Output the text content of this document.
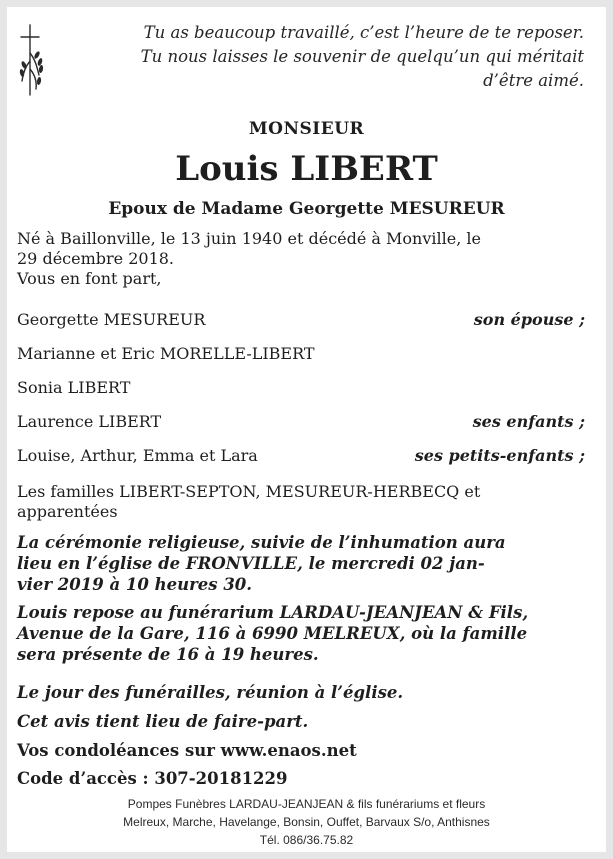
Tu as beaucoup travaillé, c’est l’heure de te reposer.
Tu nous laisses le souvenir de quelqu’un qui méritait
d’être aimé.
MONSIEUR
Louis LIBERT
Epoux de Madame Georgette MESUREUR
Né à Baillonville, le 13 juin 1940 et décédé à Monville, le
29 décembre 2018.
Vous en font part,
Georgette MESUREUR	son épouse ;
Marianne et Eric MORELLE-LIBERT
Sonia LIBERT
Laurence LIBERT	ses enfants ;
Louise, Arthur, Emma et Lara	ses petits-enfants ;
Les familles LIBERT-SEPTON, MESUREUR-HERBECQ et
apparentées
La cérémonie religieuse, suivie de l’inhumation aura
lieu en l’église de FRONVILLE, le mercredi 02 jan-
vier 2019 à 10 heures 30.
Louis repose au funérarium LARDAU-JEANJEAN & Fils,
Avenue de la Gare, 116 à 6990 MELREUX, où la famille
sera présente de 16 à 19 heures.
Le jour des funérailles, réunion à l’église.
Cet avis tient lieu de faire-part.
Vos condoléances sur www.enaos.net
Code d’accès : 307-20181229
Pompes Funèbres LARDAU-JEANJEAN & fils funérariums et fleurs
Melreux, Marche, Havelange, Bonsin, Ouffet, Barvaux S/o, Anthisnes
Tél. 086/36.75.82
